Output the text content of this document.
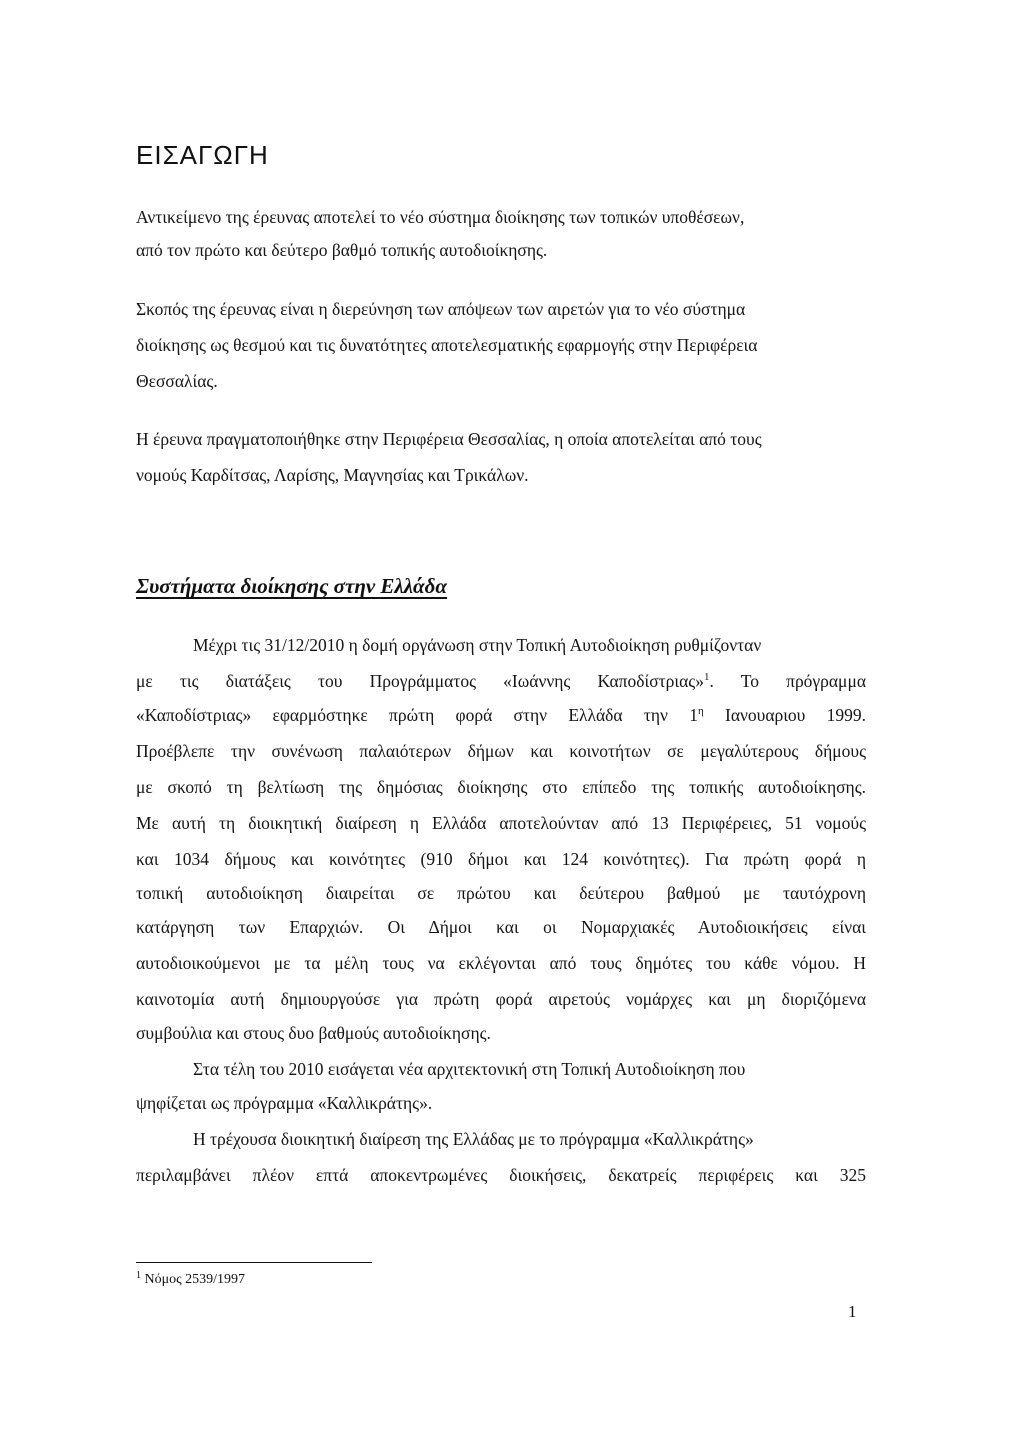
ΕΙΣΑΓΩΓΗ
Αντικείμενο της έρευνας αποτελεί το νέο σύστημα διοίκησης των τοπικών υποθέσεων,
από τον πρώτο και δεύτερο βαθμό τοπικής αυτοδιοίκησης.
Σκοπός της έρευνας είναι η διερεύνηση των απόψεων των αιρετών για το νέο σύστημα
διοίκησης ως θεσμού και τις δυνατότητες αποτελεσματικής εφαρμογής στην Περιφέρεια
Θεσσαλίας.
Η έρευνα πραγματοποιήθηκε στην Περιφέρεια Θεσσαλίας, η οποία αποτελείται από τους
νομούς Καρδίτσας, Λαρίσης, Μαγνησίας και Τρικάλων.
Συστήματα διοίκησης στην Ελλάδα
Μέχρι τις 31/12/2010 η δομή οργάνωση στην Τοπική Αυτοδιοίκηση ρυθμίζονταν
με τις διατάξεις του Προγράμματος «Ιωάννης Καποδίστριας»$^1$. Το πρόγραμμα
«Καποδίστριας» εφαρμόστηκε πρώτη φορά στην Ελλάδα την $1^\eta$ Ιανουαριου 1999.
Προέβλεπε την συνένωση παλαιότερων δήμων και κοινοτήτων σε μεγαλύτερους δήμους
με σκοπό τη βελτίωση της δημόσιας διοίκησης στο επίπεδο της τοπικής αυτοδιοίκησης.
Με αυτή τη διοικητική διαίρεση η Ελλάδα αποτελούνταν από 13 Περιφέρειες, 51 νομούς
και 1034 δήμους και κοινότητες (910 δήμοι και 124 κοινότητες). Για πρώτη φορά η
τοπική αυτοδιοίκηση διαιρείται σε πρώτου και δεύτερου βαθμού με ταυτόχρονη
κατάργηση των Επαρχιών. Οι Δήμοι και οι Νομαρχιακές Αυτοδιοικήσεις είναι
αυτοδιοικούμενοι με τα μέλη τους να εκλέγονται από τους δημότες του κάθε νόμου. Η
καινοτομία αυτή δημιουργούσε για πρώτη φορά αιρετούς νομάρχες και μη διοριζόμενα
συμβούλια και στους δυο βαθμούς αυτοδιοίκησης.
Στα τέλη του 2010 εισάγεται νέα αρχιτεκτονική στη Τοπική Αυτοδιοίκηση που
ψηφίζεται ως πρόγραμμα «Καλλικράτης».
Η τρέχουσα διοικητική διαίρεση της Ελλάδας με το πρόγραμμα «Καλλικράτης»
περιλαμβάνει πλέον επτά αποκεντρωμένες διοικήσεις, δεκατρείς περιφέρεις και 325
$^1$ Νόμος 2539/1997
1
